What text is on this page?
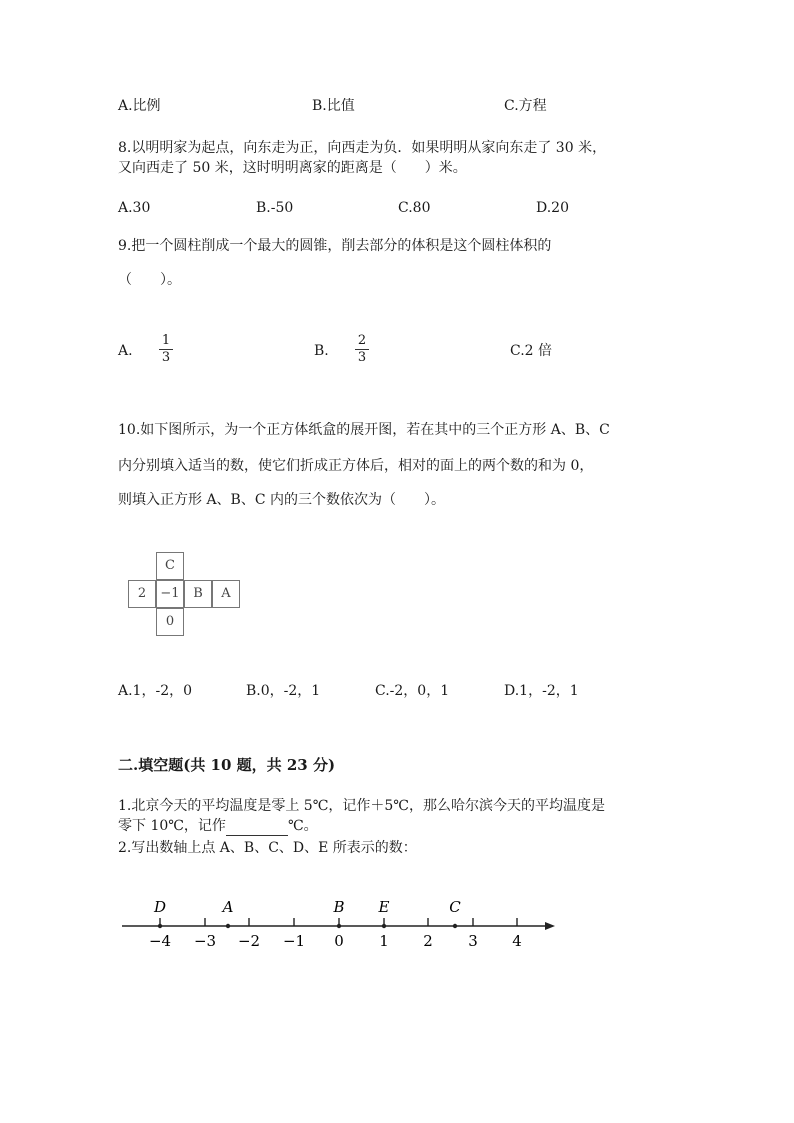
A.比例	B.比值	C.方程
8.以明明家为起点，向东走为正，向西走为负．如果明明从家向东走了 30 米，
又向西走了 50 米，这时明明离家的距离是（　　）米。
A.30	B.-50	C.80	D.20
9.把一个圆柱削成一个最大的圆锥，削去部分的体积是这个圆柱体积的
（　　）。
A.
1
3	B.
2
3	C.2 倍
10.如下图所示，为一个正方体纸盒的展开图，若在其中的三个正方形 A、B、C
内分别填入适当的数，使它们折成正方体后，相对的面上的两个数的和为 0，
则填入正方形 A、B、C 内的三个数依次为（　　）。
C
2	−1	B	A
0
A.1，-2，0	B.0，-2，1	C.-2，0，1	D.1，-2，1
二.填空题(共 10 题，共 23 分)
1.北京今天的平均温度是零上 5℃，记作＋5℃，那么哈尔滨今天的平均温度是
零下 10℃，记作	℃。
2.写出数轴上点 A、B、C、D、E 所表示的数：
−4 −3 −2 −1 0 1 2 3 4
D	A	B E	C
